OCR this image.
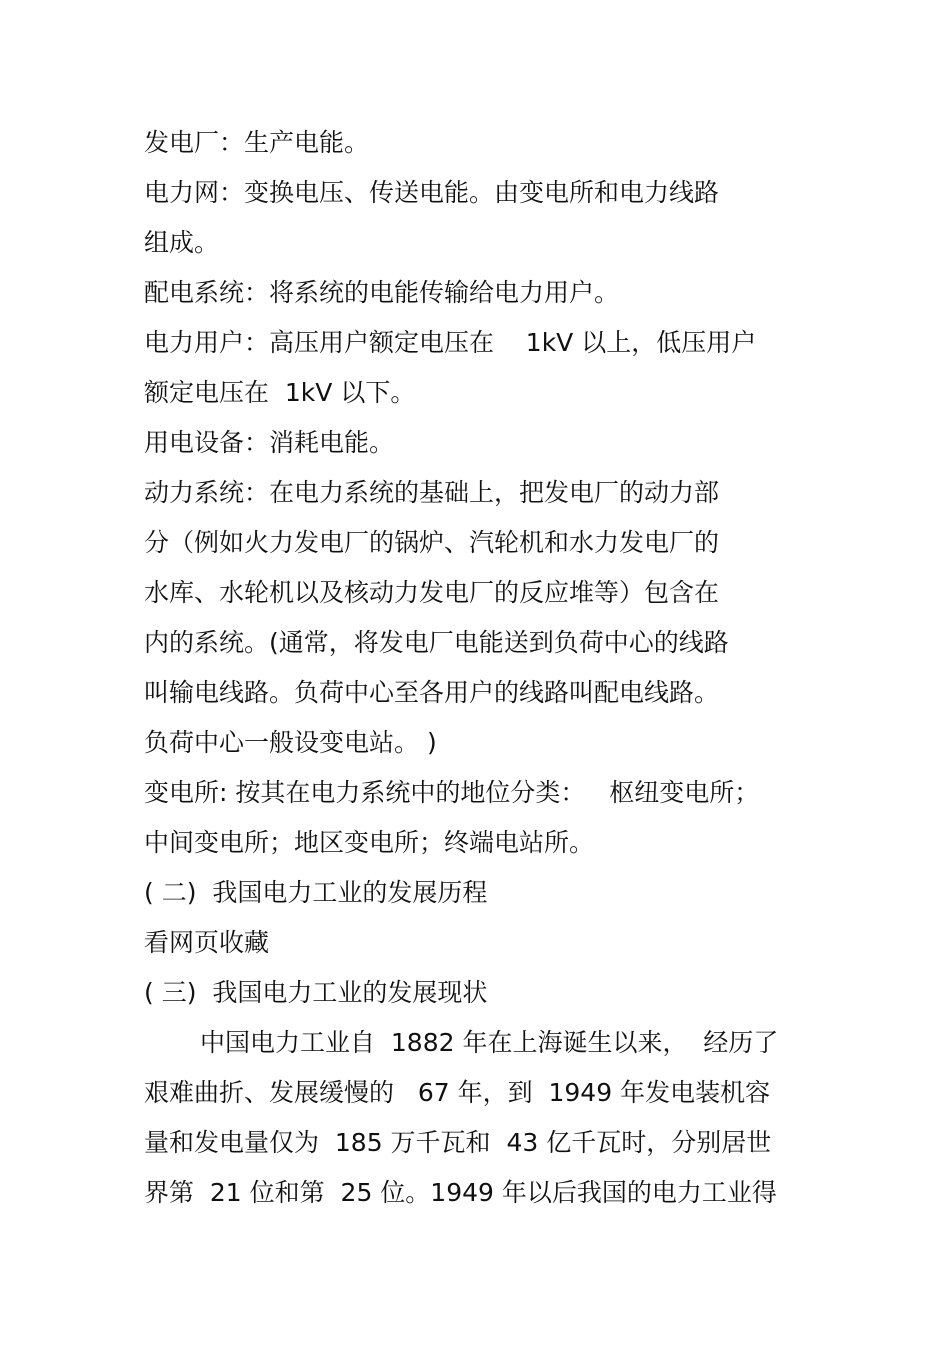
发电厂：生产电能。
电力网：变换电压、传送电能。由变电所和电力线路
组成。
配电系统：将系统的电能传输给电力用户。
电力用户：高压用户额定电压在    1kV 以上，低压用户
额定电压在  1kV 以下。
用电设备：消耗电能。
动力系统：在电力系统的基础上，把发电厂的动力部
分（例如火力发电厂的锅炉、汽轮机和水力发电厂的
水库、水轮机以及核动力发电厂的反应堆等）包含在
内的系统。(通常，将发电厂电能送到负荷中心的线路
叫输电线路。负荷中心至各用户的线路叫配电线路。
负荷中心一般设变电站。 )
变电所: 按其在电力系统中的地位分类：   枢纽变电所；
中间变电所；地区变电所；终端电站所。
( 二)  我国电力工业的发展历程
看网页收藏
( 三)  我国电力工业的发展现状
中国电力工业自  1882 年在上海诞生以来，  经历了
艰难曲折、发展缓慢的   67 年，到  1949 年发电装机容
量和发电量仅为  185 万千瓦和  43 亿千瓦时，分别居世
界第  21 位和第  25 位。1949 年以后我国的电力工业得
